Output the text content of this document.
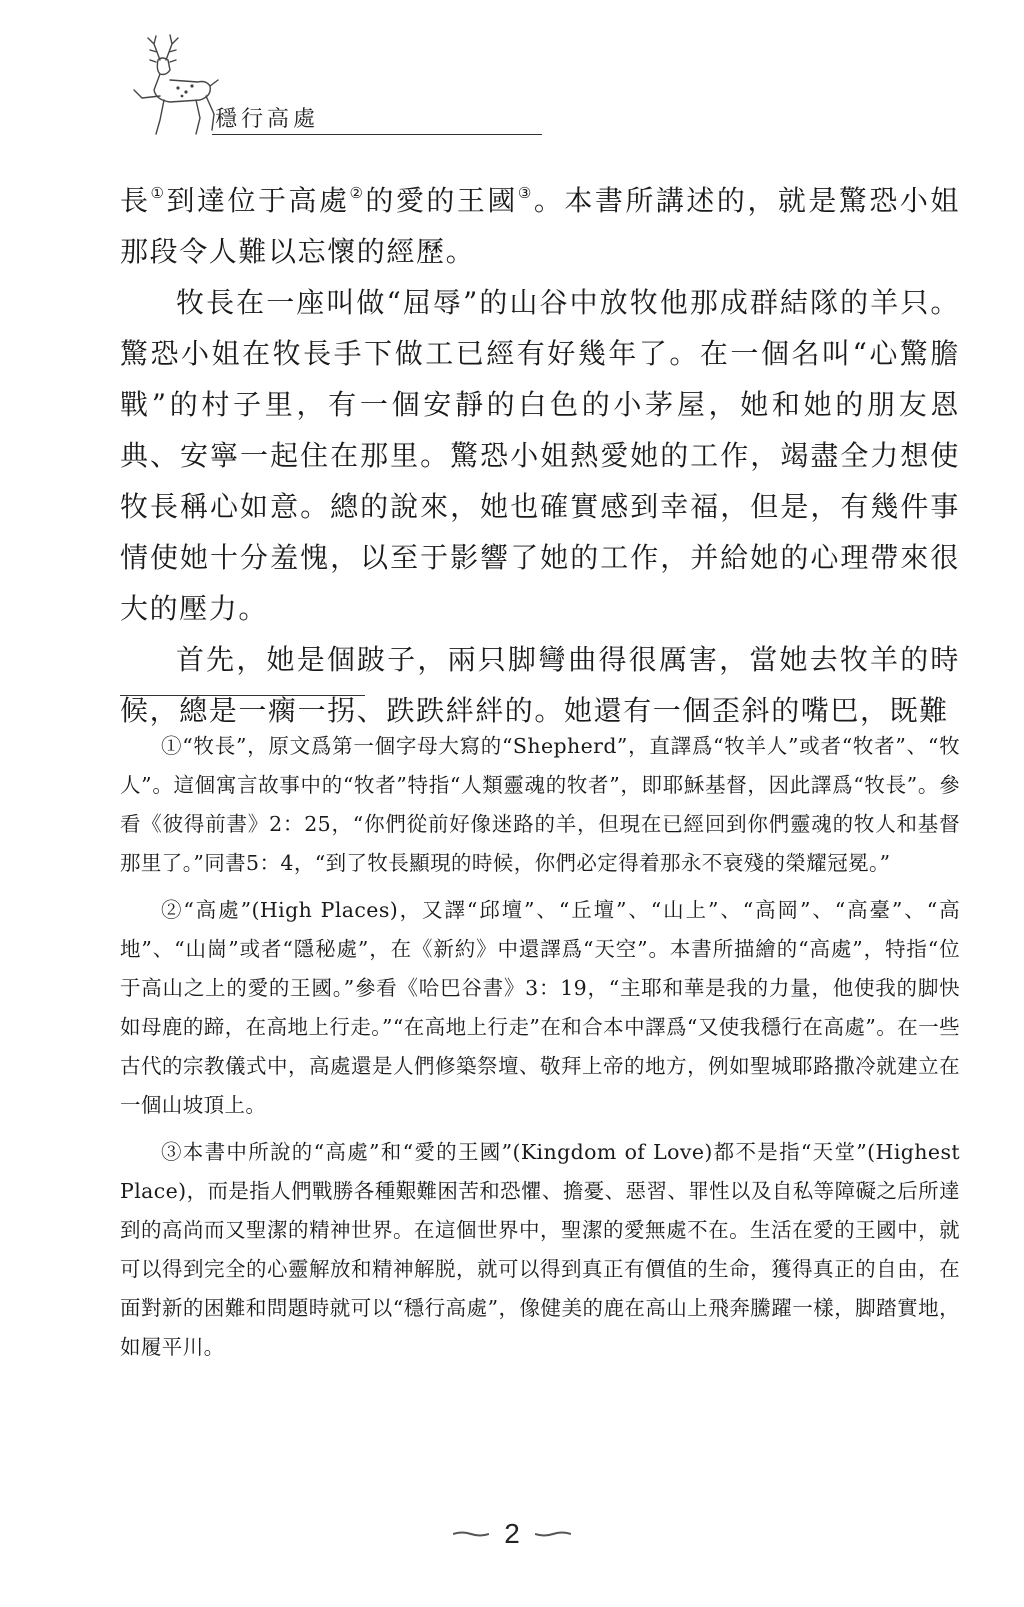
穩行高處

長①到達位于高處②的愛的王國③。本書所講述的，就是驚恐小姐那段令人難以忘懷的經歷。

牧長在一座叫做“屈辱”的山谷中放牧他那成群結隊的羊只。驚恐小姐在牧長手下做工已經有好幾年了。在一個名叫“心驚膽戰”的村子里，有一個安靜的白色的小茅屋，她和她的朋友恩典、安寧一起住在那里。驚恐小姐熱愛她的工作，竭盡全力想使牧長稱心如意。總的說來，她也確實感到幸福，但是，有幾件事情使她十分羞愧，以至于影響了她的工作，并給她的心理帶來很大的壓力。

首先，她是個跛子，兩只脚彎曲得很厲害，當她去牧羊的時候，總是一瘸一拐、跌跌絆絆的。她還有一個歪斜的嘴巴，既難

①“牧長”，原文爲第一個字母大寫的“Shepherd”，直譯爲“牧羊人”或者“牧者”、“牧人”。這個寓言故事中的“牧者”特指“人類靈魂的牧者”，即耶穌基督，因此譯爲“牧長”。參看《彼得前書》2：25，“你們從前好像迷路的羊，但現在已經回到你們靈魂的牧人和基督那里了。”同書5：4，“到了牧長顯現的時候，你們必定得着那永不衰殘的榮耀冠冕。”

②“高處”(High Places)，又譯“邱壇”、“丘壇”、“山上”、“高岡”、“高臺”、“高地”、“山崗”或者“隱秘處”，在《新約》中還譯爲“天空”。本書所描繪的“高處”，特指“位于高山之上的愛的王國。”參看《哈巴谷書》3：19，“主耶和華是我的力量，他使我的脚快如母鹿的蹄，在高地上行走。”“在高地上行走”在和合本中譯爲“又使我穩行在高處”。在一些古代的宗教儀式中，高處還是人們修築祭壇、敬拜上帝的地方，例如聖城耶路撒冷就建立在一個山坡頂上。

③本書中所說的“高處”和“愛的王國”(Kingdom of Love)都不是指“天堂”(Highest Place)，而是指人們戰勝各種艱難困苦和恐懼、擔憂、惡習、罪性以及自私等障礙之后所達到的高尚而又聖潔的精神世界。在這個世界中，聖潔的愛無處不在。生活在愛的王國中，就可以得到完全的心靈解放和精神解脱，就可以得到真正有價值的生命，獲得真正的自由，在面對新的困難和問題時就可以“穩行高處”，像健美的鹿在高山上飛奔騰躍一樣，脚踏實地，如履平川。

2
